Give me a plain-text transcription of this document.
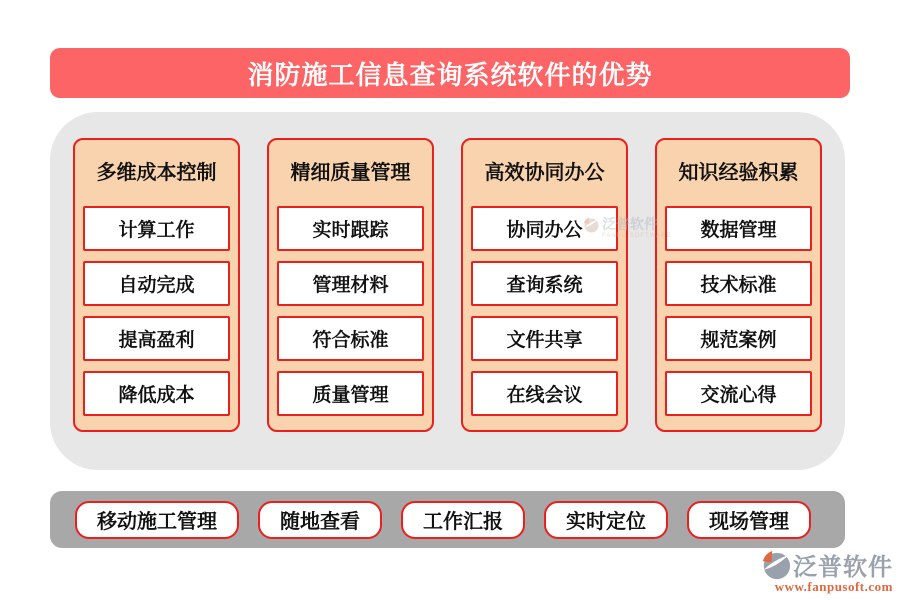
消防施工信息查询系统软件的优势
多维成本控制
计算工作
自动完成
提高盈利
降低成本
精细质量管理
实时跟踪
管理材料
符合标准
质量管理
高效协同办公
协同办公
查询系统
文件共享
在线会议
知识经验积累
数据管理
技术标准
规范案例
交流心得
泛普软件
FANPU SOFTWARE
移动施工管理	随地查看	工作汇报	实时定位	现场管理
泛普软件
www.fanpusoft.com
